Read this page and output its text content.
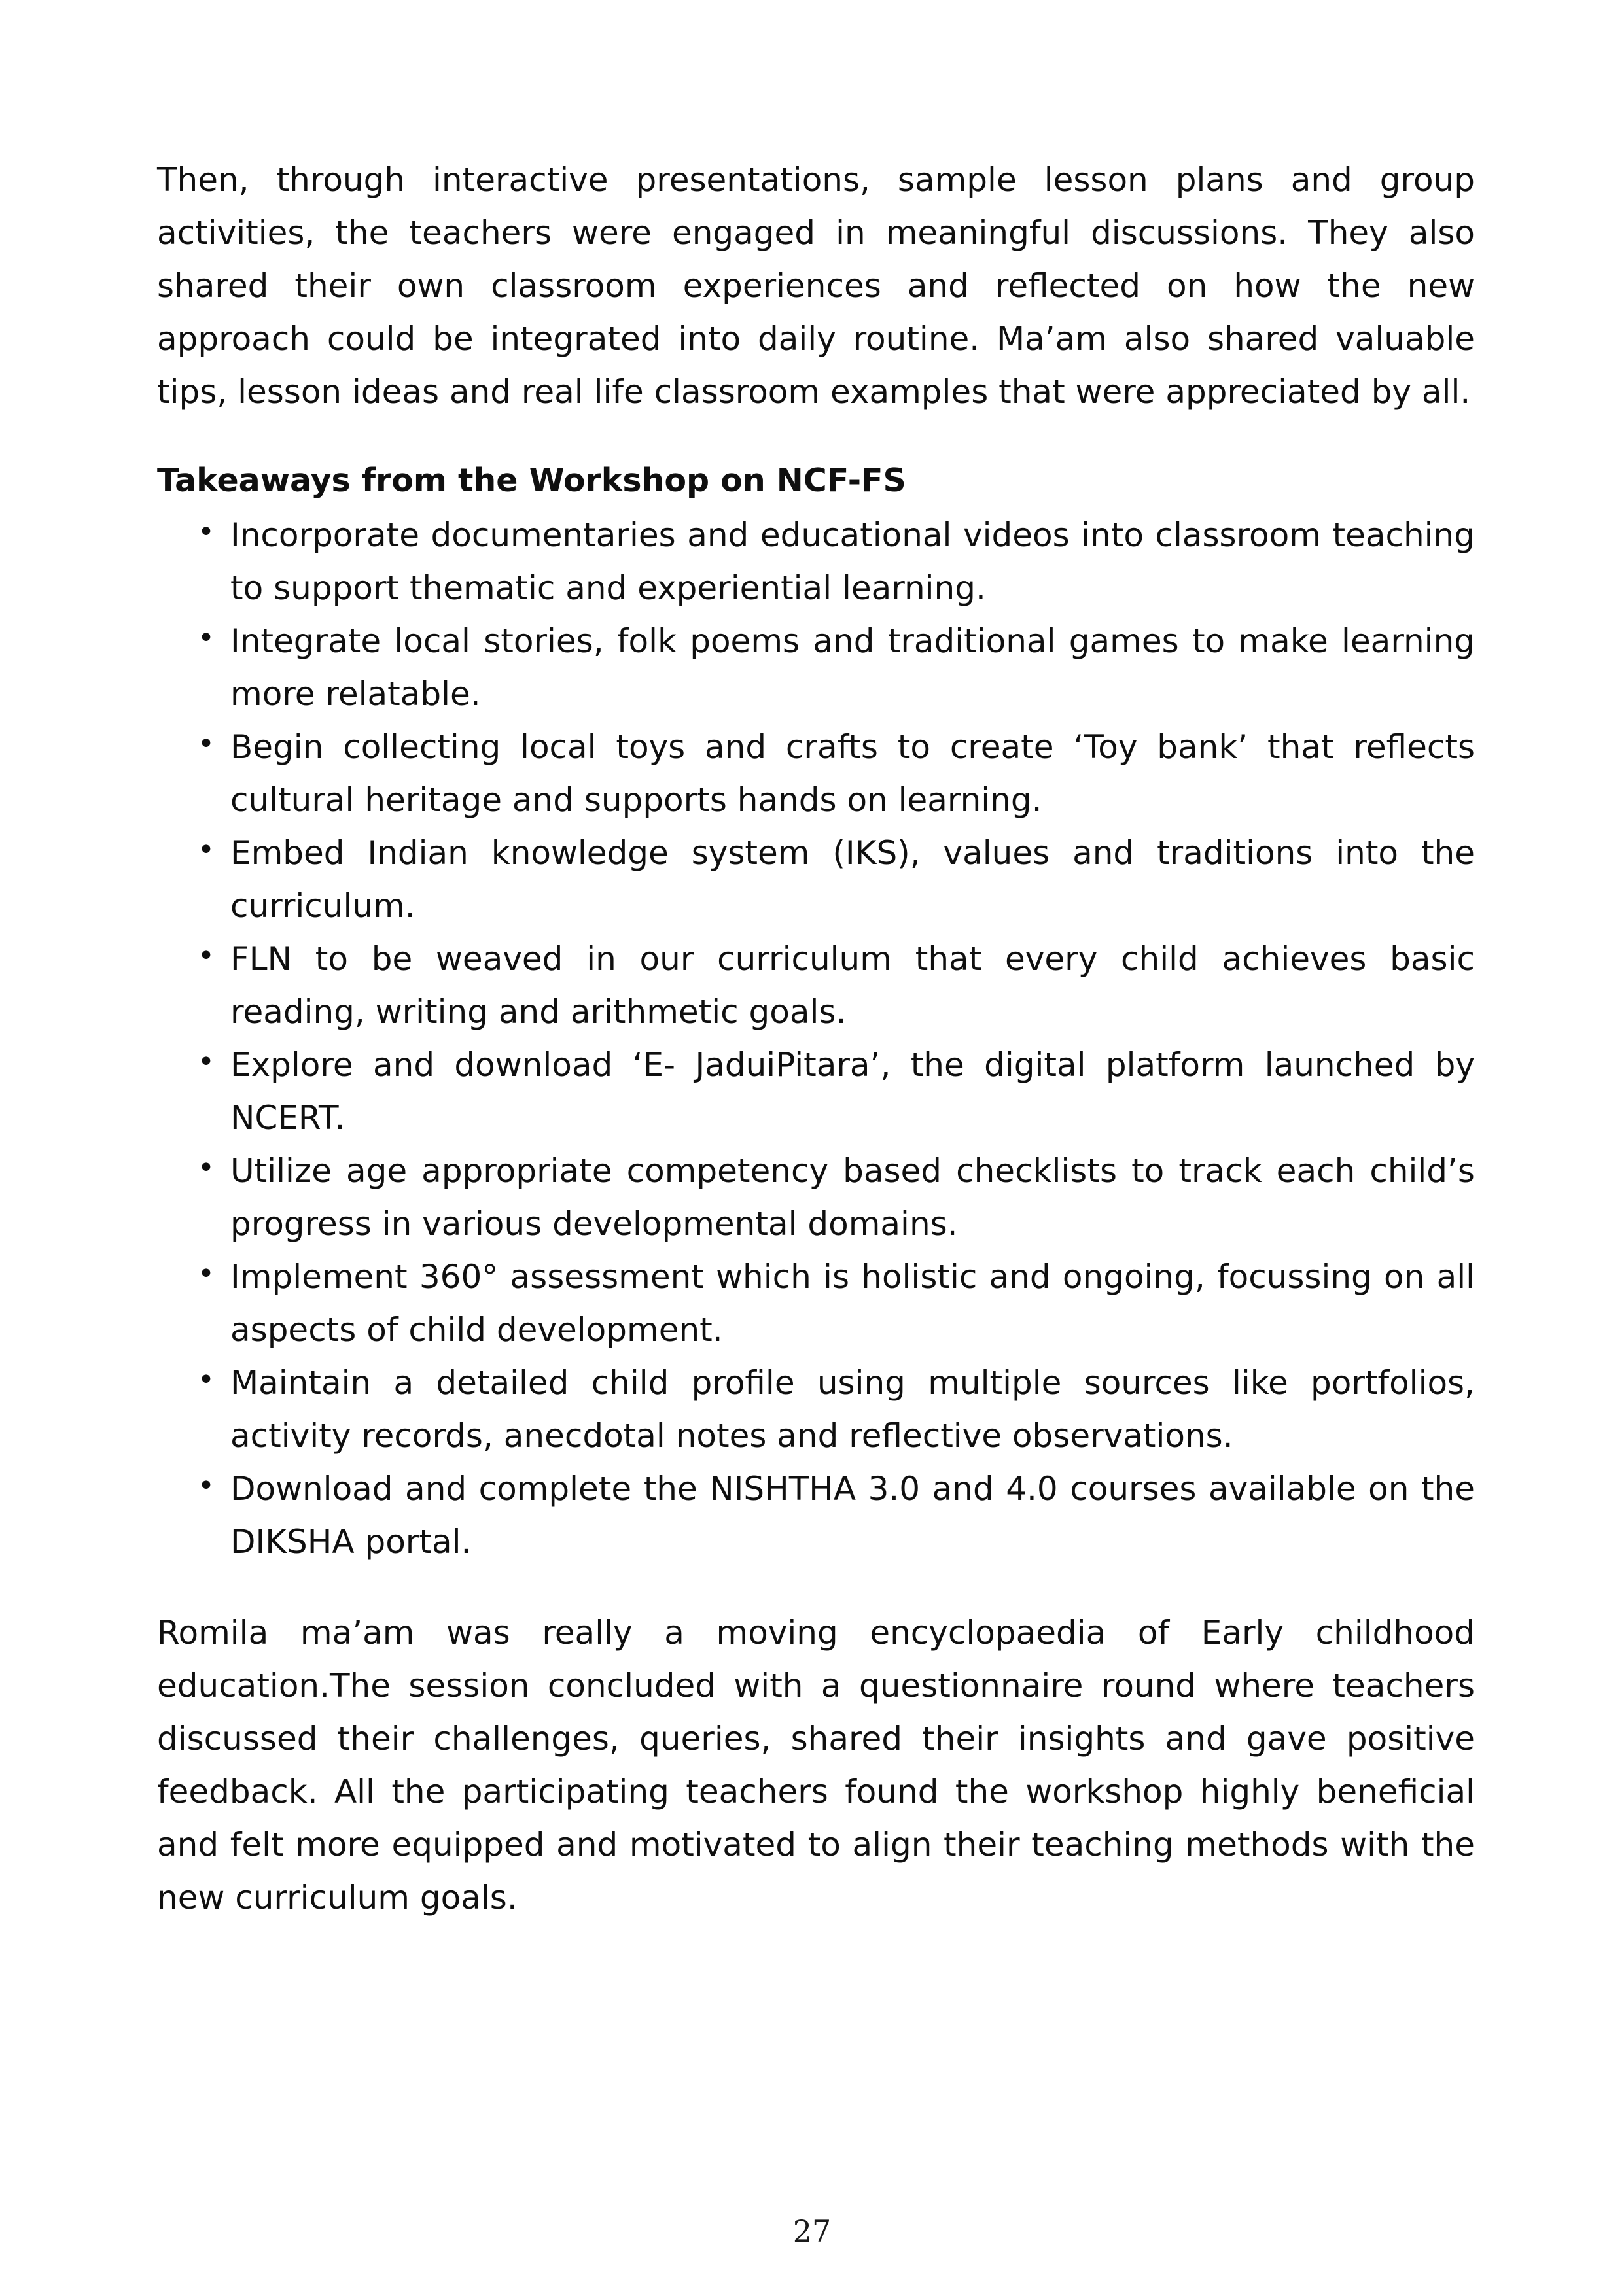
Then, through interactive presentations, sample lesson plans and group activities, the teachers were engaged in meaningful discussions. They also shared their own classroom experiences and reflected on how the new approach could be integrated into daily routine. Ma’am also shared valuable tips, lesson ideas and real life classroom examples that were appreciated by all.

Takeaways from the Workshop on NCF-FS
• Incorporate documentaries and educational videos into classroom teaching to support thematic and experiential learning.
• Integrate local stories, folk poems and traditional games to make learning more relatable.
• Begin collecting local toys and crafts to create ‘Toy bank’ that reflects cultural heritage and supports hands on learning.
• Embed Indian knowledge system (IKS), values and traditions into the curriculum.
• FLN to be weaved in our curriculum that every child achieves basic reading, writing and arithmetic goals.
• Explore and download ‘E- JaduiPitara’, the digital platform launched by NCERT.
• Utilize age appropriate competency based checklists to track each child’s progress in various developmental domains.
• Implement 360° assessment which is holistic and ongoing, focussing on all aspects of child development.
• Maintain a detailed child profile using multiple sources like portfolios, activity records, anecdotal notes and reflective observations.
• Download and complete the NISHTHA 3.0 and 4.0 courses available on the DIKSHA portal.

Romila ma’am was really a moving encyclopaedia of Early childhood education.The session concluded with a questionnaire round where teachers discussed their challenges, queries, shared their insights and gave positive feedback. All the participating teachers found the workshop highly beneficial and felt more equipped and motivated to align their teaching methods with the new curriculum goals.

27
